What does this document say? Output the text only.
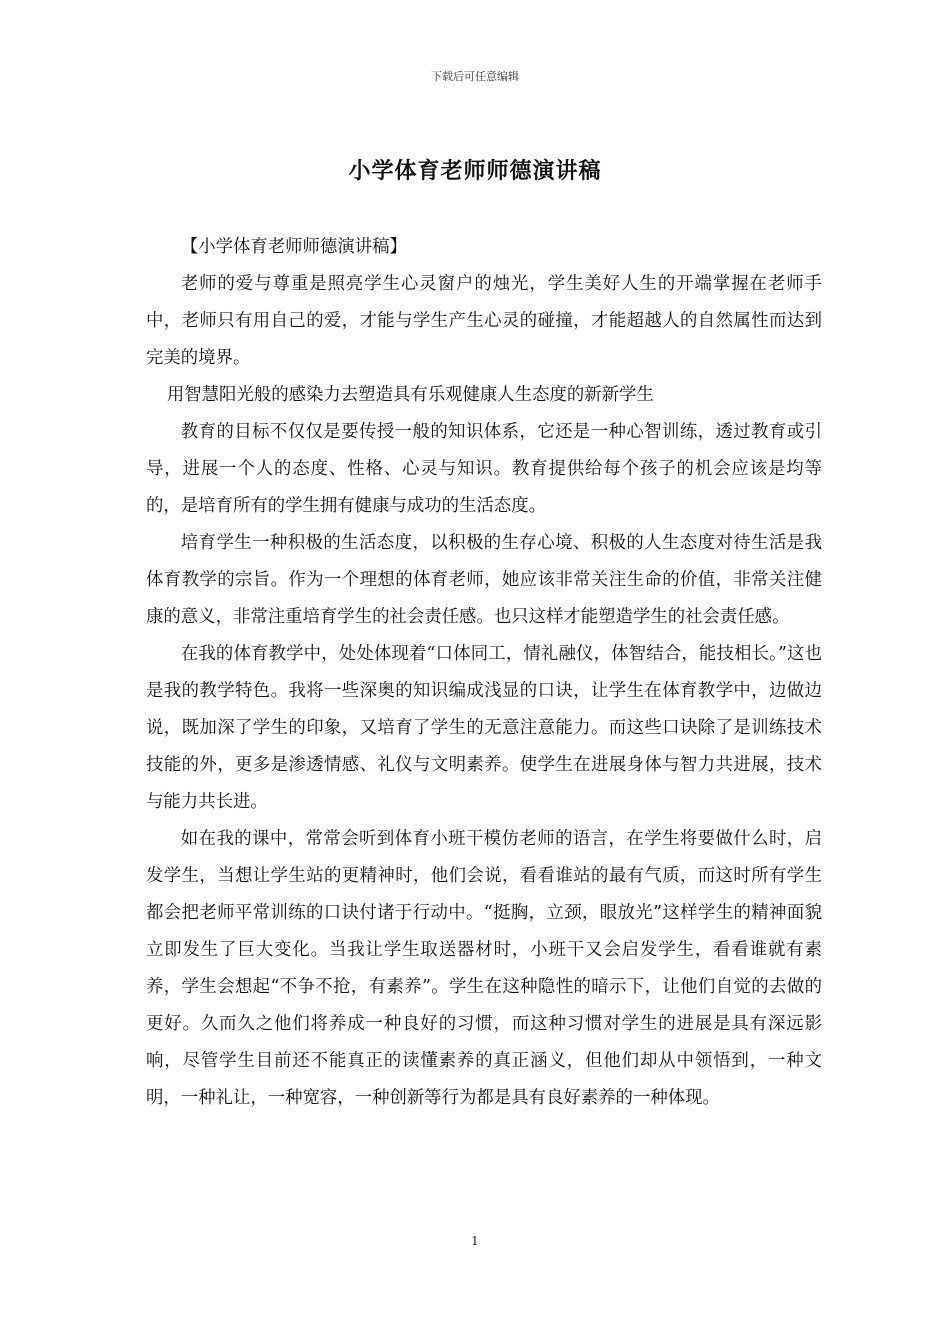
下载后可任意编辑
小学体育老师师德演讲稿

【小学体育老师师德演讲稿】

老师的爱与尊重是照亮学生心灵窗户的烛光，学生美好人生的开端掌握在老师手中，老师只有用自己的爱，才能与学生产生心灵的碰撞，才能超越人的自然属性而达到完美的境界。

用智慧阳光般的感染力去塑造具有乐观健康人生态度的新新学生

教育的目标不仅仅是要传授一般的知识体系，它还是一种心智训练，透过教育或引导，进展一个人的态度、性格、心灵与知识。教育提供给每个孩子的机会应该是均等的，是培育所有的学生拥有健康与成功的生活态度。

培育学生一种积极的生活态度，以积极的生存心境、积极的人生态度对待生活是我体育教学的宗旨。作为一个理想的体育老师，她应该非常关注生命的价值，非常关注健康的意义，非常注重培育学生的社会责任感。也只这样才能塑造学生的社会责任感。

在我的体育教学中，处处体现着“口体同工，情礼融仪，体智结合，能技相长。”这也是我的教学特色。我将一些深奥的知识编成浅显的口诀，让学生在体育教学中，边做边说，既加深了学生的印象，又培育了学生的无意注意能力。而这些口诀除了是训练技术技能的外，更多是渗透情感、礼仪与文明素养。使学生在进展身体与智力共进展，技术与能力共长进。

如在我的课中，常常会听到体育小班干模仿老师的语言，在学生将要做什么时，启发学生，当想让学生站的更精神时，他们会说，看看谁站的最有气质，而这时所有学生都会把老师平常训练的口诀付诸于行动中。“挺胸，立颈，眼放光”这样学生的精神面貌立即发生了巨大变化。当我让学生取送器材时，小班干又会启发学生，看看谁就有素养，学生会想起“不争不抢，有素养”。学生在这种隐性的暗示下，让他们自觉的去做的更好。久而久之他们将养成一种良好的习惯，而这种习惯对学生的进展是具有深远影响，尽管学生目前还不能真正的读懂素养的真正涵义，但他们却从中领悟到，一种文明，一种礼让，一种宽容，一种创新等行为都是具有良好素养的一种体现。

1
